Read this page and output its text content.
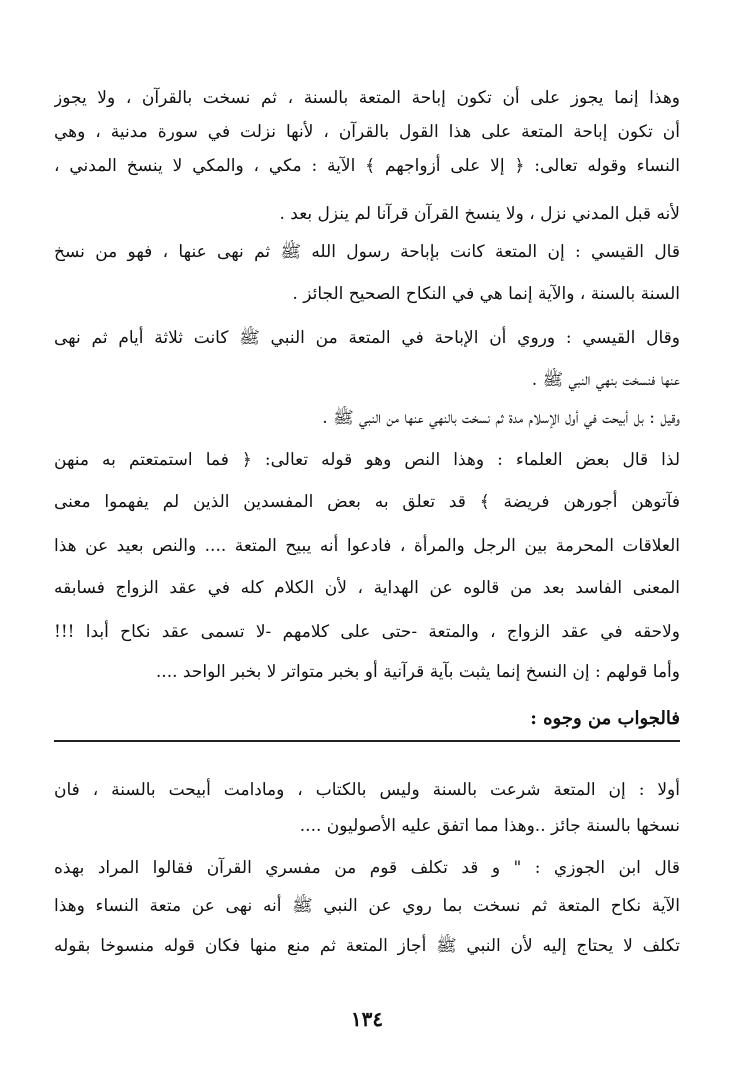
وهذا إنما يجوز على أن تكون إباحة المتعة بالسنة ، ثم نسخت بالقرآن ، ولا يجوز
أن تكون إباحة المتعة على هذا القول بالقرآن ، لأنها نزلت في سورة مدنية ، وهي
النساء وقوله تعالى: ﴿ إلا على أزواجهم ﴾ الآية : مكي ، والمكي لا ينسخ المدني ،
لأنه قبل المدني نزل ، ولا ينسخ القرآن قرآنا لم ينزل بعد .
قال القيسي : إن المتعة كانت بإباحة رسول الله ﷺ ثم نهى عنها ، فهو من نسخ
السنة بالسنة ، والآية إنما هي في النكاح الصحيح الجائز .
وقال القيسي : وروي أن الإباحة في المتعة من النبي ﷺ كانت ثلاثة أيام ثم نهى
عنها فنسخت بنهي النبي ﷺ .
وقيل : بل أبيحت في أول الإسلام مدة ثم نسخت بالنهي عنها من النبي ﷺ .
لذا قال بعض العلماء : وهذا النص وهو قوله تعالى: ﴿ فما استمتعتم به منهن
فآتوهن أجورهن فريضة ﴾ قد تعلق به بعض المفسدين الذين لم يفهموا معنى
العلاقات المحرمة بين الرجل والمرأة ، فادعوا أنه يبيح المتعة .... والنص بعيد عن هذا
المعنى الفاسد بعد من قالوه عن الهداية ، لأن الكلام كله في عقد الزواج فسابقه
ولاحقه في عقد الزواج ، والمتعة -حتى على كلامهم -لا تسمى عقد نكاح أبدا !!!
وأما قولهم : إن النسخ إنما يثبت بآية قرآنية أو بخبر متواتر لا بخبر الواحد ....
فالجواب من وجوه :
أولا : إن المتعة شرعت بالسنة وليس بالكتاب ، ومادامت أبيحت بالسنة ، فان
نسخها بالسنة جائز ..وهذا مما اتفق عليه الأصوليون ....
قال ابن الجوزي : " و قد تكلف قوم من مفسري القرآن فقالوا المراد بهذه
الآية نكاح المتعة ثم نسخت بما روي عن النبي ﷺ أنه نهى عن متعة النساء وهذا
تكلف لا يحتاج إليه لأن النبي ﷺ أجاز المتعة ثم منع منها فكان قوله منسوخا بقوله
١٣٤
